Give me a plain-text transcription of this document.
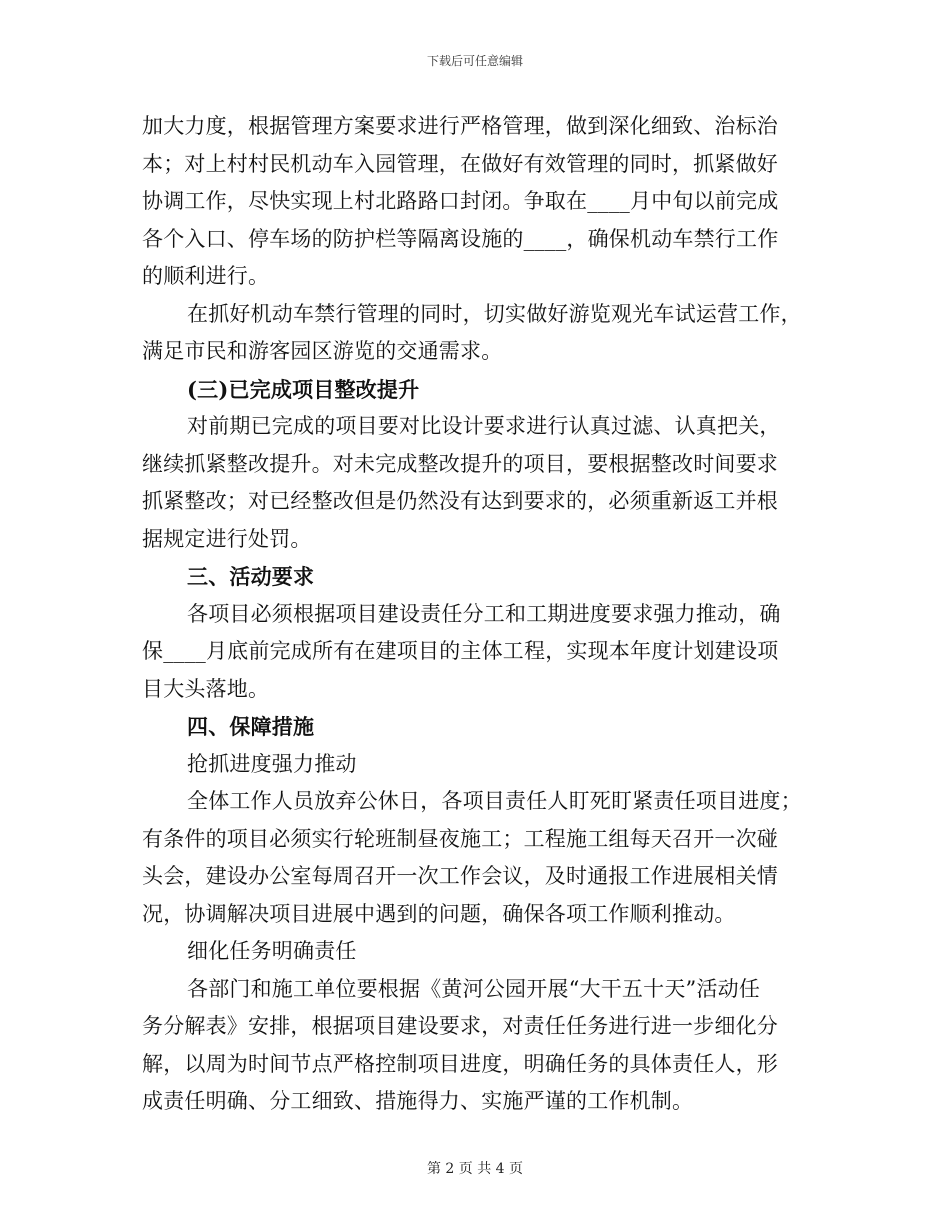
下载后可任意编辑
加大力度，根据管理方案要求进行严格管理，做到深化细致、治标治
本；对上村村民机动车入园管理，在做好有效管理的同时，抓紧做好
协调工作，尽快实现上村北路路口封闭。争取在____月中旬以前完成
各个入口、停车场的防护栏等隔离设施的____，确保机动车禁行工作
的顺利进行。
在抓好机动车禁行管理的同时，切实做好游览观光车试运营工作，
满足市民和游客园区游览的交通需求。
(三)已完成项目整改提升
对前期已完成的项目要对比设计要求进行认真过滤、认真把关，
继续抓紧整改提升。对未完成整改提升的项目，要根据整改时间要求
抓紧整改；对已经整改但是仍然没有达到要求的，必须重新返工并根
据规定进行处罚。
三、活动要求
各项目必须根据项目建设责任分工和工期进度要求强力推动，确
保____月底前完成所有在建项目的主体工程，实现本年度计划建设项
目大头落地。
四、保障措施
抢抓进度强力推动
全体工作人员放弃公休日，各项目责任人盯死盯紧责任项目进度；
有条件的项目必须实行轮班制昼夜施工；工程施工组每天召开一次碰
头会，建设办公室每周召开一次工作会议，及时通报工作进展相关情
况，协调解决项目进展中遇到的问题，确保各项工作顺利推动。
细化任务明确责任
各部门和施工单位要根据《黄河公园开展“大干五十天”活动任
务分解表》安排，根据项目建设要求，对责任任务进行进一步细化分
解，以周为时间节点严格控制项目进度，明确任务的具体责任人，形
成责任明确、分工细致、措施得力、实施严谨的工作机制。
第 2 页 共 4 页
